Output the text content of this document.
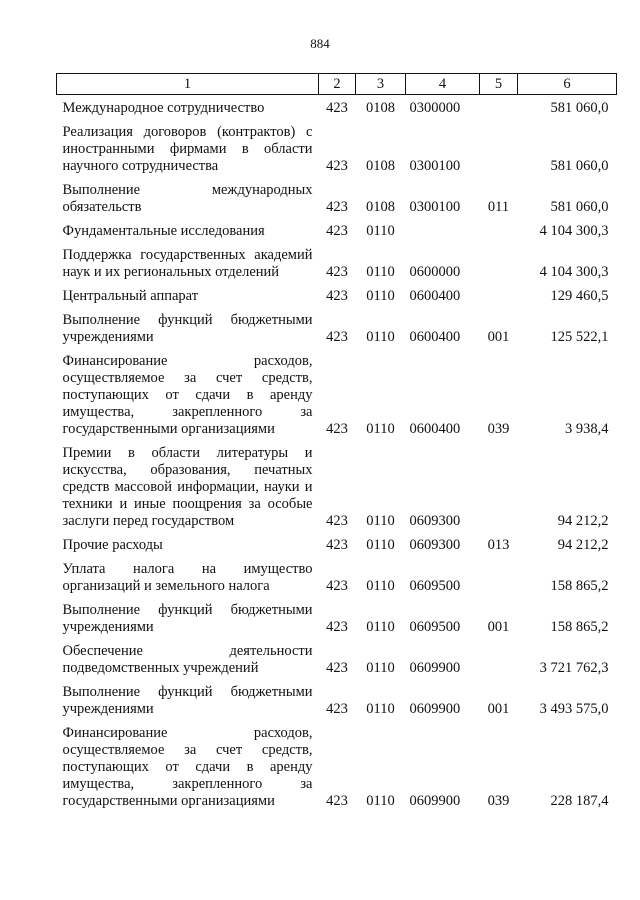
884
1	2	3	4	5	6
Международное сотрудничество	423	0108	0300000		581 060,0
Реализация договоров (контрактов) с иностранными фирмами в области научного сотрудничества	423	0108	0300100		581 060,0
Выполнение международных обязательств	423	0108	0300100	011	581 060,0
Фундаментальные исследования	423	0110			4 104 300,3
Поддержка государственных академий наук и их региональных отделений	423	0110	0600000		4 104 300,3
Центральный аппарат	423	0110	0600400		129 460,5
Выполнение функций бюджетными учреждениями	423	0110	0600400	001	125 522,1
Финансирование расходов, осуществляемое за счет средств, поступающих от сдачи в аренду имущества, закрепленного за государственными организациями	423	0110	0600400	039	3 938,4
Премии в области литературы и искусства, образования, печатных средств массовой информации, науки и техники и иные поощрения за особые заслуги перед государством	423	0110	0609300		94 212,2
Прочие расходы	423	0110	0609300	013	94 212,2
Уплата налога на имущество организаций и земельного налога	423	0110	0609500		158 865,2
Выполнение функций бюджетными учреждениями	423	0110	0609500	001	158 865,2
Обеспечение деятельности подведомственных учреждений	423	0110	0609900		3 721 762,3
Выполнение функций бюджетными учреждениями	423	0110	0609900	001	3 493 575,0
Финансирование расходов, осуществляемое за счет средств, поступающих от сдачи в аренду имущества, закрепленного за государственными организациями	423	0110	0609900	039	228 187,4
